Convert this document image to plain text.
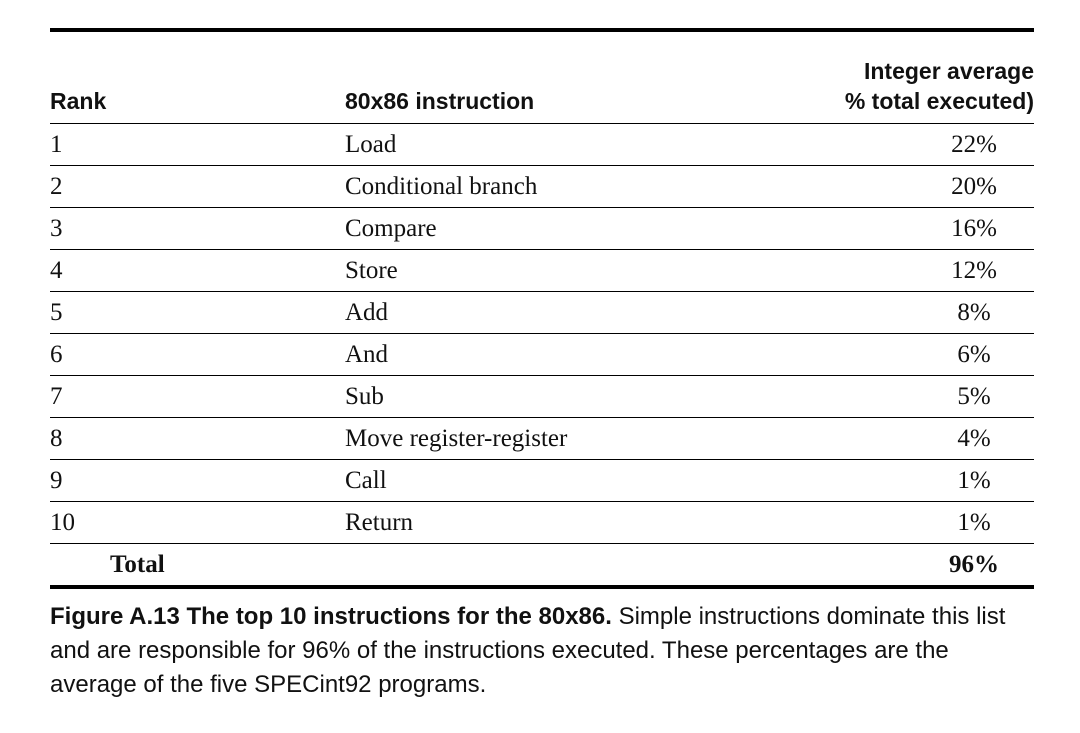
Rank	80x86 instruction	Integer average
% total executed)

1	Load	22%
2	Conditional branch	20%
3	Compare	16%
4	Store	12%
5	Add	8%
6	And	6%
7	Sub	5%
8	Move register-register	4%
9	Call	1%
10	Return	1%
Total		96%
Figure A.13 The top 10 instructions for the 80x86. Simple instructions dominate this list and are responsible for 96% of the instructions executed. These percentages are the average of the five SPECint92 programs.
